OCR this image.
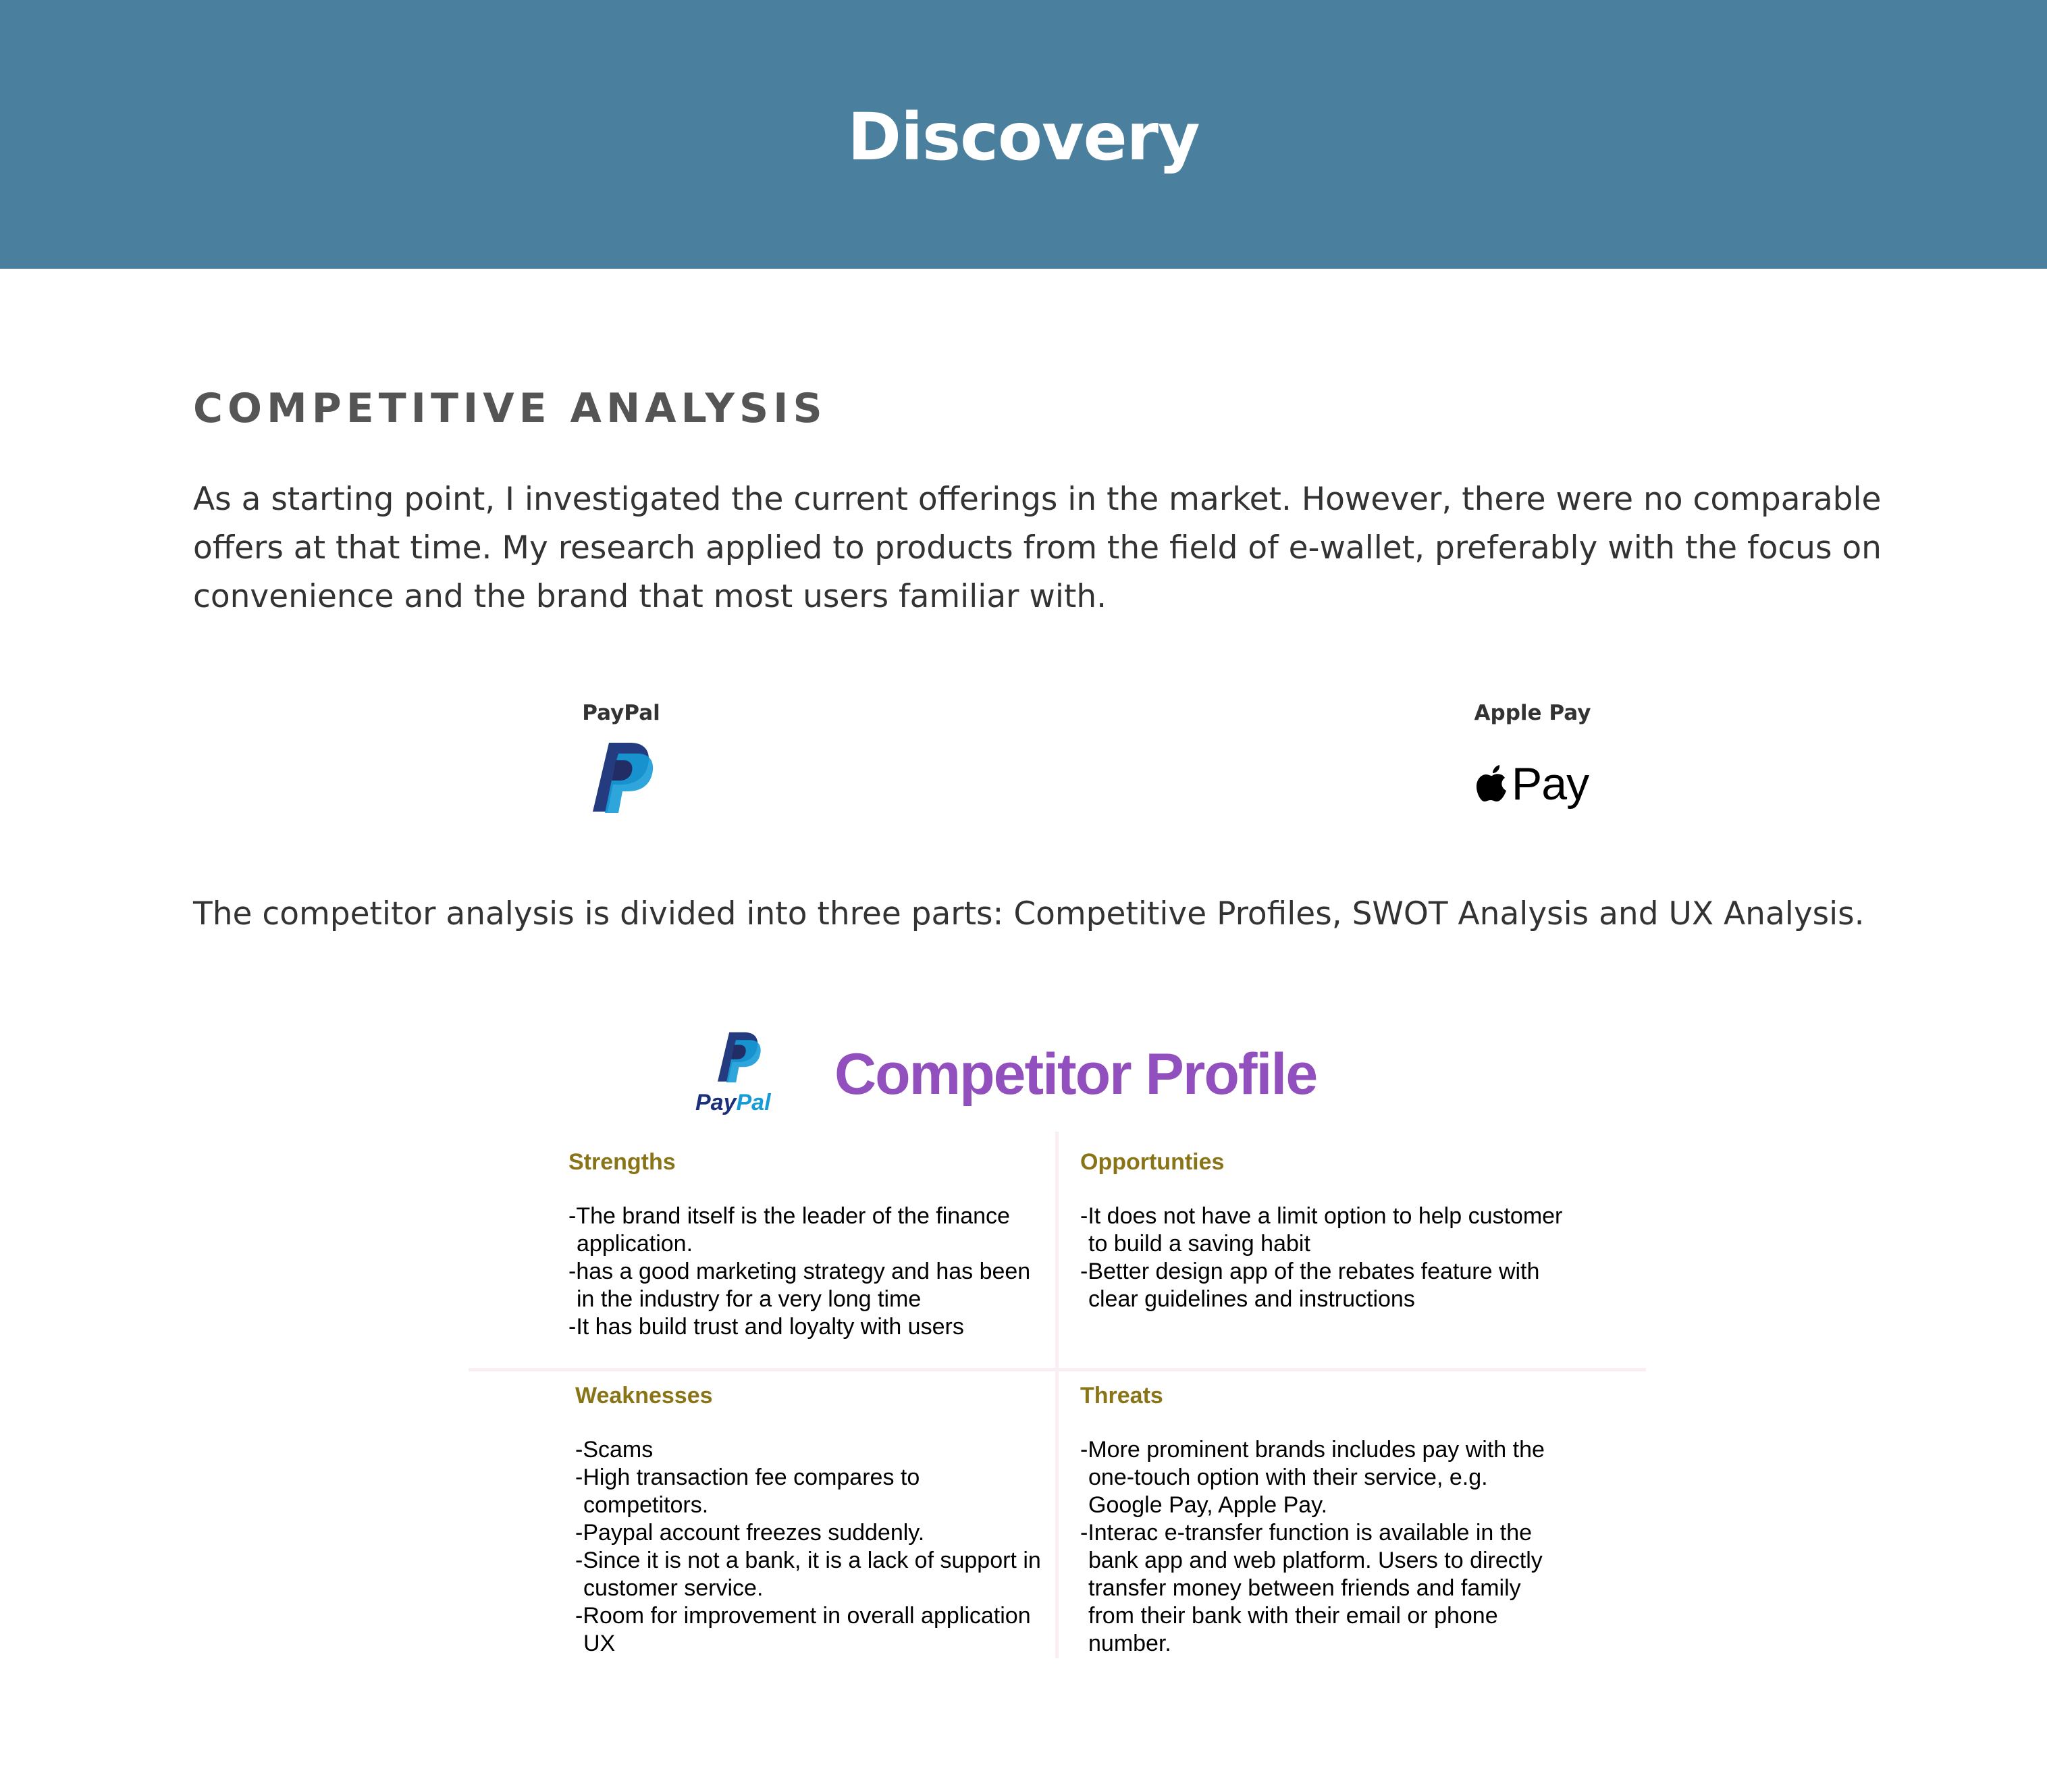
Discovery
COMPETITIVE ANALYSIS

As a starting point, I investigated the current offerings in the market. However, there were no comparable offers at that time. My research applied to products from the field of e-wallet, preferably with the focus on convenience and the brand that most users familiar with.

PayPal	Apple Pay
Pay

The competitor analysis is divided into three parts: Competitive Profiles, SWOT Analysis and UX Analysis.

PayPal Competitor Profile
Strengths
-The brand itself is the leader of the finance application.
-has a good marketing strategy and has been in the industry for a very long time
-It has build trust and loyalty with users
Opportunties
-It does not have a limit option to help customer to build a saving habit
-Better design app of the rebates feature with clear guidelines and instructions
Weaknesses
-Scams
-High transaction fee compares to competitors.
-Paypal account freezes suddenly.
-Since it is not a bank, it is a lack of support in customer service.
-Room for improvement in overall application UX
Threats
-More prominent brands includes pay with the one-touch option with their service, e.g. Google Pay, Apple Pay.
-Interac e-transfer function is available in the bank app and web platform. Users to directly transfer money between friends and family from their bank with their email or phone number.
